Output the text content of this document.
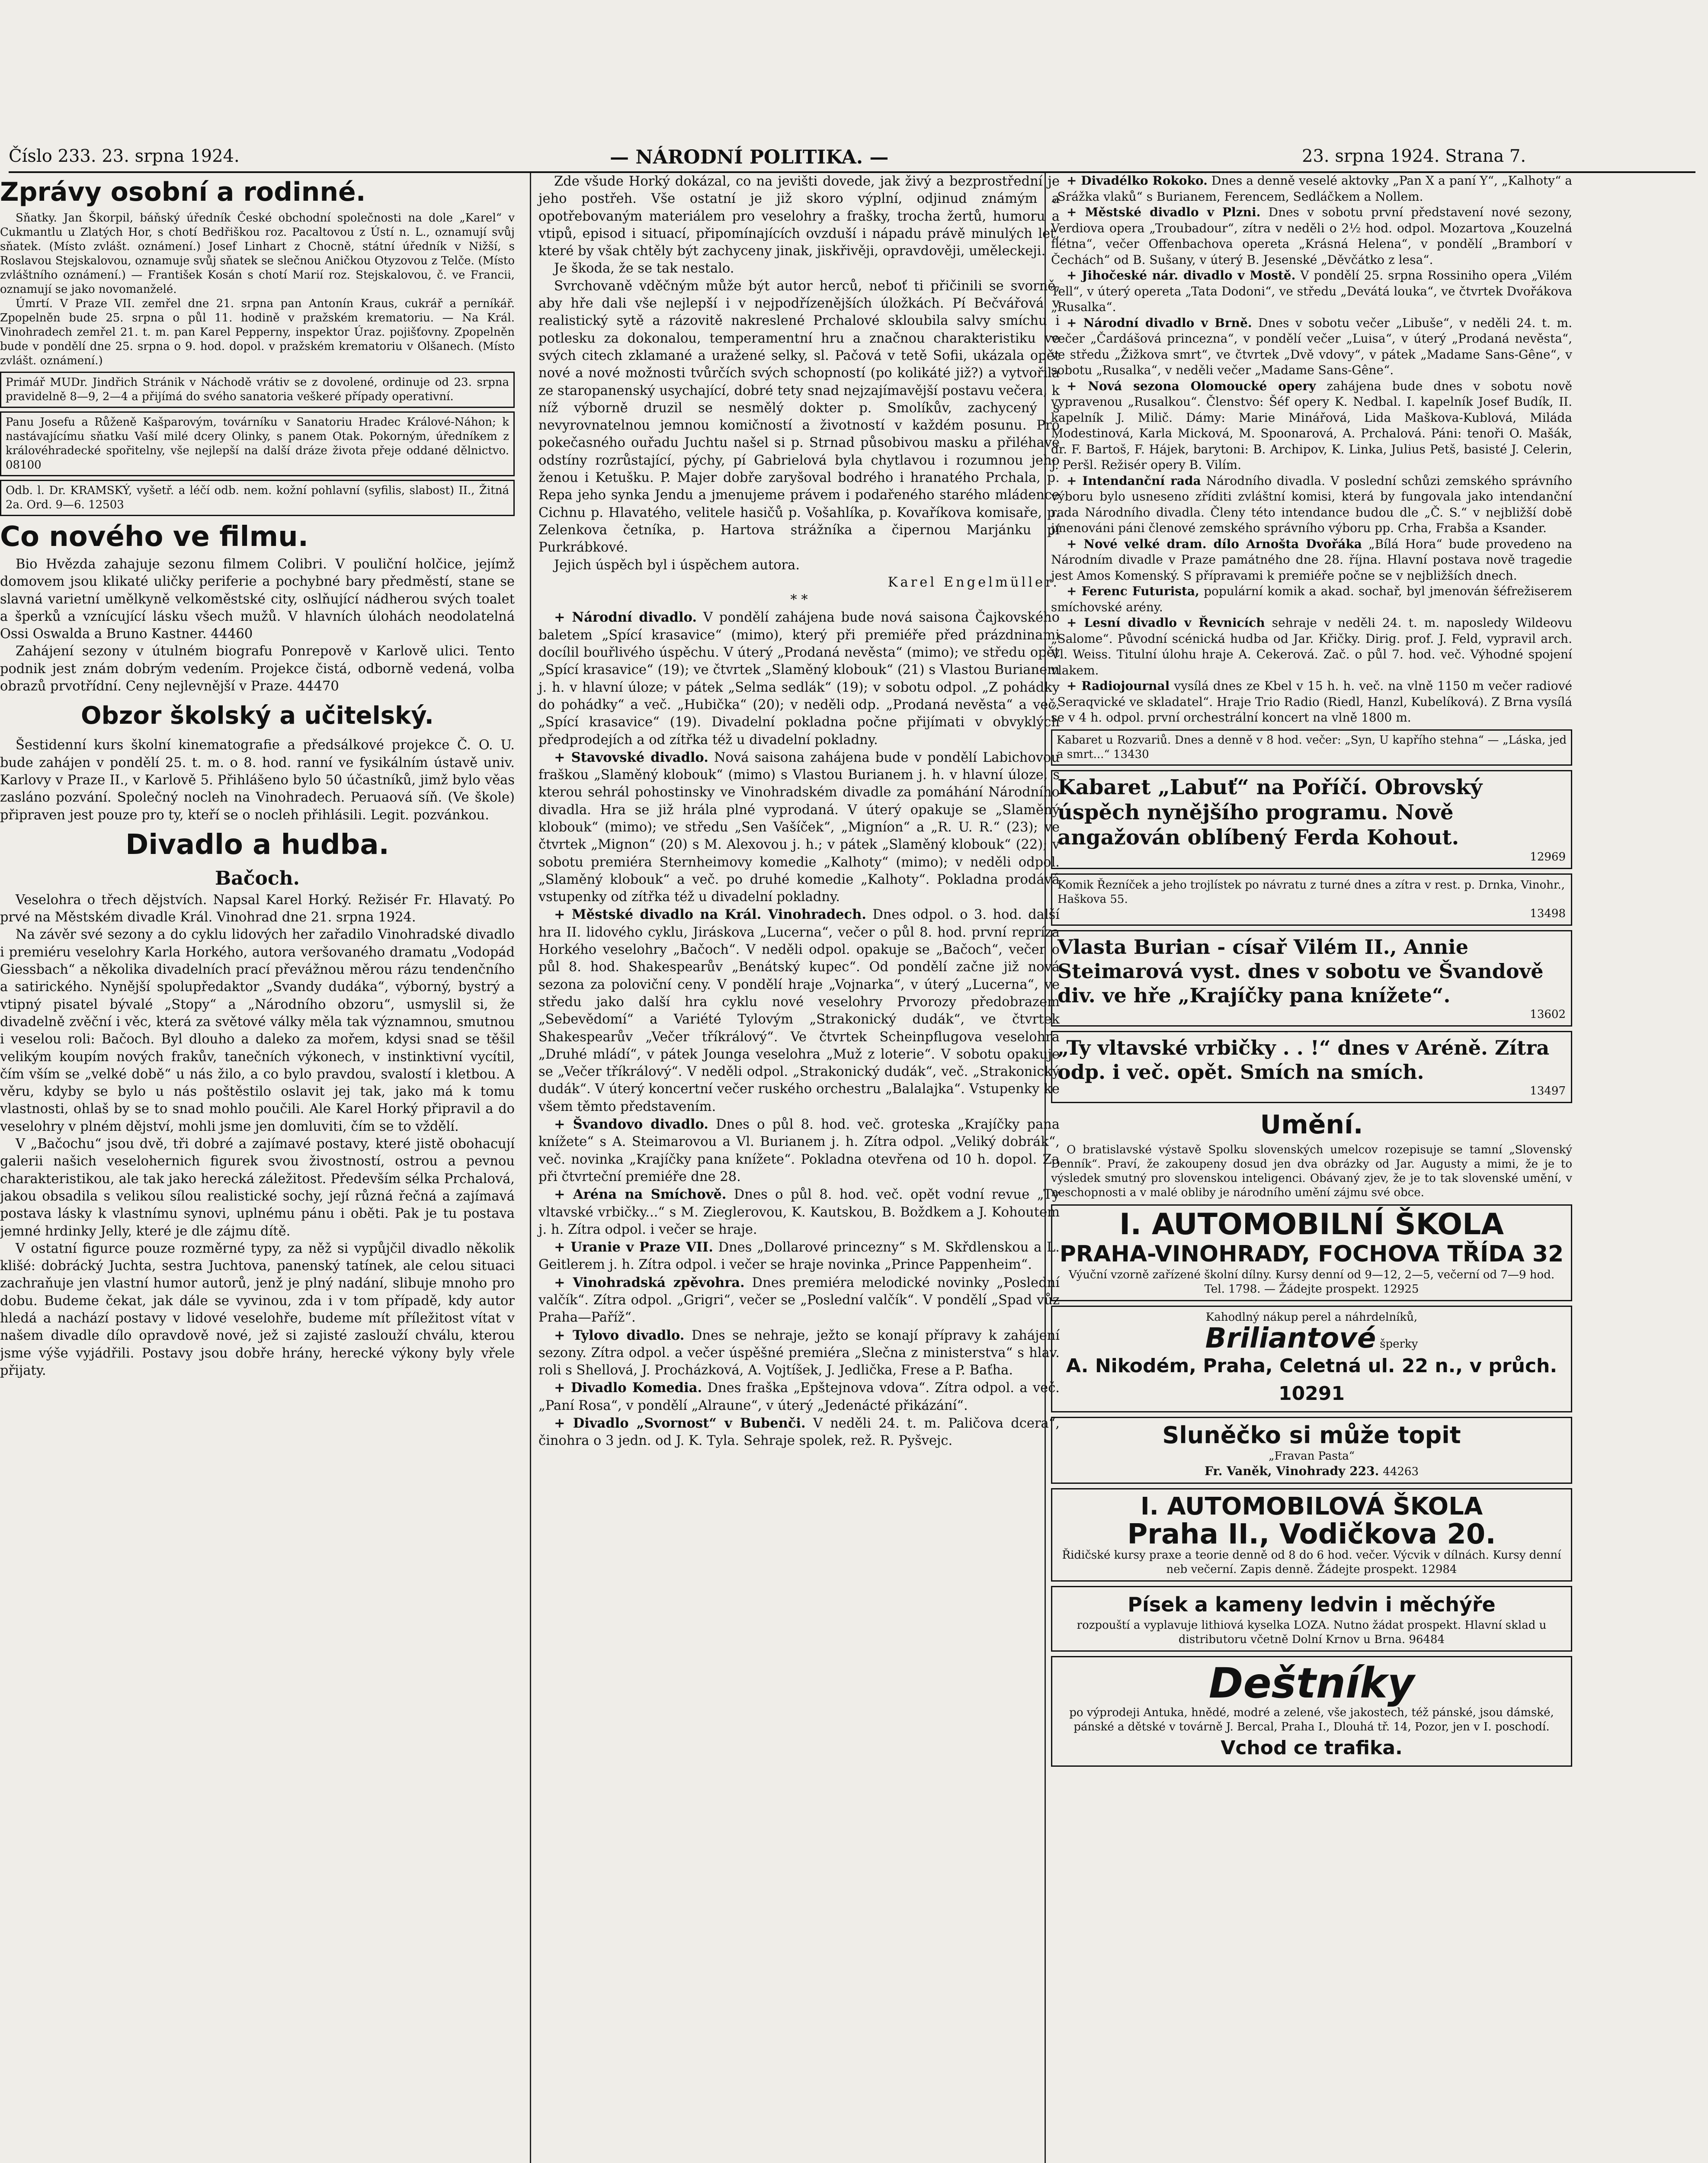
Číslo 233. 23. srpna 1924.	— NÁRODNÍ POLITIKA. —	23. srpna 1924. Strana 7.
Zprávy osobní a rodinné.

Sňatky. Jan Škorpil, báňský úředník České obchodní společnosti na dole „Karel“ v Cukmantlu u Zlatých Hor, s chotí Bedřiškou roz. Pacaltovou z Ústí n. L., oznamují svůj sňatek. (Místo zvlášt. oznámení.) Josef Linhart z Chocně, státní úředník v Nižší, s Roslavou Stejskalovou, oznamuje svůj sňatek se slečnou Aničkou Otyzovou z Telče. (Místo zvláštního oznámení.) — František Kosán s chotí Marií roz. Stejskalovou, č. ve Francii, oznamují se jako novomanželé.

Úmrtí. V Praze VII. zemřel dne 21. srpna pan Antonín Kraus, cukrář a perníkář. Zpopelněn bude 25. srpna o půl 11. hodině v pražském krematoriu. — Na Král. Vinohradech zemřel 21. t. m. pan Karel Pepperny, inspektor Úraz. pojišťovny. Zpopelněn bude v pondělí dne 25. srpna o 9. hod. dopol. v pražském krematoriu v Olšanech. (Místo zvlášt. oznámení.)

Primář MUDr. Jindřich Stránik v Náchodě vrátiv se z dovolené, ordinuje od 23. srpna pravidelně 8—9, 2—4 a přijímá do svého sanatoria veškeré případy operativní.
Panu Josefu a Růženě Kašparovým, továrníku v Sanatoriu Hradec Králové-Náhon; k nastávajícímu sňatku Vaší milé dcery Olinky, s panem Otak. Pokorným, úředníkem z královéhradecké spořitelny, vše nejlepší na další dráze života přeje oddané dělnictvo. 08100
Odb. l. Dr. KRAMSKÝ, vyšetř. a léčí odb. nem. kožní pohlavní (syfilis, slabost) II., Žitná 2a. Ord. 9—6. 12503
Co nového ve filmu.

Bio Hvězda zahajuje sezonu filmem Colibri. V pouliční holčice, jejímž domovem jsou klikaté uličky periferie a pochybné bary předměstí, stane se slavná varietní umělkyně velkoměstské city, oslňující nádherou svých toalet a šperků a vznícující lásku všech mužů. V hlavních úlohách neodolatelná Ossi Oswalda a Bruno Kastner. 44460

Zahájení sezony v útulném biografu Ponrepově v Karlově ulici. Tento podnik jest znám dobrým vedením. Projekce čistá, odborně vedená, volba obrazů prvotřídní. Ceny nejlevnější v Praze. 44470

Obzor školský a učitelský.

Šestidenní kurs školní kinematografie a předsálkové projekce Č. O. U. bude zahájen v pondělí 25. t. m. o 8. hod. ranní ve fysikálním ústavě univ. Karlovy v Praze II., v Karlově 5. Přihlášeno bylo 50 účastníků, jimž bylo věas zasláno pozvání. Společný nocleh na Vinohradech. Peruaová síň. (Ve škole) připraven jest pouze pro ty, kteří se o nocleh přihlásili. Legit. pozvánkou.

Divadlo a hudba.
Bačoch.

Veselohra o třech dějstvích. Napsal Karel Horký. Režisér Fr. Hlavatý. Po prvé na Městském divadle Král. Vinohrad dne 21. srpna 1924.

Na závěr své sezony a do cyklu lidových her zařadilo Vinohradské divadlo i premiéru veselohry Karla Horkého, autora veršovaného dramatu „Vodopád Giessbach“ a několika divadelních prací převážnou měrou rázu tendenčního a satirického. Nynější spolupředaktor „Svandy dudáka“, výborný, bystrý a vtipný pisatel bývalé „Stopy“ a „Národního obzoru“, usmyslil si, že divadelně zvěční i věc, která za světové války měla tak významnou, smutnou i veselou roli: Bačoch. Byl dlouho a daleko za mořem, kdysi snad se těšil velikým koupím nových frakův, tanečních výkonech, v instinktivní vycítil, čím vším se „velké době“ u nás žilo, a co bylo pravdou, svalostí i kletbou. A věru, kdyby se bylo u nás poštěstilo oslavit jej tak, jako má k tomu vlastnosti, ohlaš by se to snad mohlo poučili. Ale Karel Horký připravil a do veselohry v plném dějství, mohli jsme jen domluviti, čím se to vždělí.

V „Bačochu“ jsou dvě, tři dobré a zajímavé postavy, které jistě obohacují galerii našich veselohernich figurek svou živostností, ostrou a pevnou charakteristikou, ale tak jako herecká záležitost. Především sélka Prchalová, jakou obsadila s velikou sílou realistické sochy, její různá řečná a zajímavá postava lásky k vlastnímu synovi, uplnému pánu i oběti. Pak je tu postava jemné hrdinky Jelly, které je dle zájmu dítě.

V ostatní figurce pouze rozměrné typy, za něž si vypůjčil divadlo několik klišé: dobrácký Juchta, sestra Juchtova, panenský tatínek, ale celou situaci zachraňuje jen vlastní humor autorů, jenž je plný nadání, slibuje mnoho pro dobu. Budeme čekat, jak dále se vyvinou, zda i v tom případě, kdy autor hledá a nachází postavy v lidové veselohře, budeme mít příležitost vítat v našem divadle dílo opravdově nové, jež si zajisté zaslouží chválu, kterou jsme výše vyjádřili. Postavy jsou dobře hrány, herecké výkony byly vřele přijaty.

Zde všude Horký dokázal, co na jevišti dovede, jak živý a bezprostřední je jeho postřeh. Vše ostatní je již skoro výplní, odjinud známým a opotřebovaným materiálem pro veselohry a frašky, trocha žertů, humoru a vtipů, episod i situací, připomínajících ovzduší i nápadu právě minulých let, které by však chtěly být zachyceny jinak, jiskřivěji, opravdověji, uměleckeji.

Je škoda, že se tak nestalo.

Svrchovaně vděčným může být autor herců, neboť ti přičinili se svorně, aby hře dali vše nejlepší i v nejpodřízenějších úložkách. Pí Bečvářová v realistický sytě a rázovitě nakreslené Prchalové skloubila salvy smíchu i potlesku za dokonalou, temperamentní hru a značnou charakteristiku ve svých citech zklamané a uražené selky, sl. Pačová v tetě Sofii, ukázala opět nové a nové možnosti tvůrčích svých schopností (po kolikáté již?) a vytvořila ze staropanenský usychající, dobré tety snad nejzajímavější postavu večera, k níž výborně druzil se nesmělý dokter p. Smolíkův, zachycený s nevyrovnatelnou jemnou komičností a životností v každém posunu. Pro pokečasného ouřadu Juchtu našel si p. Strnad působivou masku a přiléhavé odstíny rozrůstající, pýchy, pí Gabrielová byla chytlavou i rozumnou jeho ženou i Ketušku. P. Majer dobře zaryšoval bodrého i hranatého Prchala, p. Repa jeho synka Jendu a jmenujeme právem i podařeného starého mládence Cichnu p. Hlavatého, velitele hasičů p. Vošahlíka, p. Kovaříkova komisaře, p. Zelenkova četníka, p. Hartova strážníka a čipernou Marjánku pí Purkrábkové.

Jejich úspěch byl i úspěchem autora.

Karel Engelmüller.
* *

+ Národní divadlo. V pondělí zahájena bude nová saisona Čajkovského baletem „Spící krasavice“ (mimo), který při premiéře před prázdninami docílil bouřlivého úspěchu. V úterý „Prodaná nevěsta“ (mimo); ve středu opět „Spící krasavice“ (19); ve čtvrtek „Slaměný klobouk“ (21) s Vlastou Burianem j. h. v hlavní úloze; v pátek „Selma sedlák“ (19); v sobotu odpol. „Z pohádky do pohádky“ a več. „Hubička“ (20); v neděli odp. „Prodaná nevěsta“ a več. „Spící krasavice“ (19). Divadelní pokladna počne přijímati v obvyklých předprodejích a od zítřka též u divadelní pokladny.

+ Stavovské divadlo. Nová saisona zahájena bude v pondělí Labichovou fraškou „Slaměný klobouk“ (mimo) s Vlastou Burianem j. h. v hlavní úloze, s kterou sehrál pohostinsky ve Vinohradském divadle za pomáhání Národního divadla. Hra se již hrála plné vyprodaná. V úterý opakuje se „Slaměný klobouk“ (mimo); ve středu „Sen Vašíček“, „Migníon“ a „R. U. R.“ (23); ve čtvrtek „Mignon“ (20) s M. Alexovou j. h.; v pátek „Slaměný klobouk“ (22); v sobotu premiéra Sternheimovy komedie „Kalhoty“ (mimo); v neděli odpol. „Slaměný klobouk“ a več. po druhé komedie „Kalhoty“. Pokladna prodává vstupenky od zítřka též u divadelní pokladny.

+ Městské divadlo na Král. Vinohradech. Dnes odpol. o 3. hod. další hra II. lidového cyklu, Jiráskova „Lucerna“, večer o půl 8. hod. první repríza Horkého veselohry „Bačoch“. V neděli odpol. opakuje se „Bačoch“, večer o půl 8. hod. Shakespearův „Benátský kupec“. Od pondělí začne již nová sezona za poloviční ceny. V pondělí hraje „Vojnarka“, v úterý „Lucerna“, ve středu jako další hra cyklu nové veselohry Prvorozy předobrazem „Sebevědomí“ a Variété Tylovým „Strakonický dudák“, ve čtvrtek Shakespearův „Večer tříkrálový“. Ve čtvrtek Scheinpflugova veselohra „Druhé mládí“, v pátek Jounga veselohra „Muž z loterie“. V sobotu opakuje se „Večer tříkrálový“. V neděli odpol. „Strakonický dudák“, več. „Strakonický dudák“. V úterý koncertní večer ruského orchestru „Balalajka“. Vstupenky ke všem těmto představením.

+ Švandovo divadlo. Dnes o půl 8. hod. več. groteska „Krajíčky pana knížete“ s A. Steimarovou a Vl. Burianem j. h. Zítra odpol. „Veliký dobrák“, več. novinka „Krajíčky pana knížete“. Pokladna otevřena od 10 h. dopol. Za při čtvrteční premiéře dne 28.

+ Aréna na Smíchově. Dnes o půl 8. hod. več. opět vodní revue „Ty vltavské vrbičky...“ s M. Zieglerovou, K. Kautskou, B. Boždkem a J. Kohoutem j. h. Zítra odpol. i večer se hraje.

+ Uranie v Praze VII. Dnes „Dollarové princezny“ s M. Skřdlenskou a L. Geitlerem j. h. Zítra odpol. i večer se hraje novinka „Prince Pappenheim“.

+ Vinohradská zpěvohra. Dnes premiéra melodické novinky „Poslední valčík“. Zítra odpol. „Grigri“, večer se „Poslední valčík“. V pondělí „Spad vůz Praha—Paříž“.

+ Tylovo divadlo. Dnes se nehraje, ježto se konají přípravy k zahájení sezony. Zítra odpol. a večer úspěšné premiéra „Slečna z ministerstva“ s hlav. roli s Shellová, J. Procházková, A. Vojtíšek, J. Jedlička, Frese a P. Baťha.

+ Divadlo Komedia. Dnes fraška „Epštejnova vdova“. Zítra odpol. a več. „Paní Rosa“, v pondělí „Alraune“, v úterý „Jedenácté přikázání“.

+ Divadlo „Svornost“ v Bubenči. V neděli 24. t. m. Paličova dcera“, činohra o 3 jedn. od J. K. Tyla. Sehraje spolek, rež. R. Pyšvejc.

+ Divadélko Rokoko. Dnes a denně veselé aktovky „Pan X a paní Y“, „Kalhoty“ a „Srážka vlaků“ s Burianem, Ferencem, Sedláčkem a Nollem.

+ Městské divadlo v Plzni. Dnes v sobotu první představení nové sezony, Verdiova opera „Troubadour“, zítra v neděli o 2½ hod. odpol. Mozartova „Kouzelná flétna“, večer Offenbachova opereta „Krásná Helena“, v pondělí „Bramborí v Čechách“ od B. Sušany, v úterý B. Jesenské „Děvčátko z lesa“.

+ Jihočeské nár. divadlo v Mostě. V pondělí 25. srpna Rossiniho opera „Vilém Tell“, v úterý opereta „Tata Dodoni“, ve středu „Devátá louka“, ve čtvrtek Dvořákova „Rusalka“.

+ Národní divadlo v Brně. Dnes v sobotu večer „Libuše“, v neděli 24. t. m. večer „Čardášová princezna“, v pondělí večer „Luisa“, v úterý „Prodaná nevěsta“, ve středu „Žižkova smrt“, ve čtvrtek „Dvě vdovy“, v pátek „Madame Sans-Gêne“, v sobotu „Rusalka“, v neděli večer „Madame Sans-Gêne“.

+ Nová sezona Olomoucké opery zahájena bude dnes v sobotu nově vypravenou „Rusalkou“. Členstvo: Šéf opery K. Nedbal. I. kapelník Josef Budík, II. kapelník J. Milič. Dámy: Marie Minářová, Lida Maškova-Kublová, Miláda Modestinová, Karla Micková, M. Spoonarová, A. Prchalová. Páni: tenoři O. Mašák, dr. F. Bartoš, F. Hájek, barytoni: B. Archipov, K. Linka, Julius Petš, basisté J. Celerin, J. Peršl. Režisér opery B. Vilím.

+ Intendanční rada Národního divadla. V poslední schůzi zemského správního výboru bylo usneseno zříditi zvláštní komisi, která by fungovala jako intendanční rada Národního divadla. Členy této intendance budou dle „Č. S.“ v nejbližší době jmenováni páni členové zemského správního výboru pp. Crha, Frabša a Ksander.

+ Nové velké dram. dílo Arnošta Dvořáka „Bílá Hora“ bude provedeno na Národním divadle v Praze památného dne 28. října. Hlavní postava nově tragedie jest Amos Komenský. S přípravami k premiéře počne se v nejbližších dnech.

+ Ferenc Futurista, populární komik a akad. sochař, byl jmenován šéfrežiserem smíchovské arény.

+ Lesní divadlo v Řevnicích sehraje v neděli 24. t. m. naposledy Wildeovu „Salome“. Původní scénická hudba od Jar. Křičky. Dirig. prof. J. Feld, vypravil arch. Vl. Weiss. Titulní úlohu hraje A. Cekerová. Zač. o půl 7. hod. več. Výhodné spojení vlakem.

+ Radiojournal vysílá dnes ze Kbel v 15 h. h. več. na vlně 1150 m večer radiové „Seraqvické ve skladatel“. Hraje Trio Radio (Riedl, Hanzl, Kubelíková). Z Brna vysílá se v 4 h. odpol. první orchestrální koncert na vlně 1800 m.

Kabaret u Rozvariů. Dnes a denně v 8 hod. večer: „Syn, U kapřího stehna“ — „Láska, jed a smrt...“ 13430
Kabaret „Labuť“ na Poříčí. Obrovský úspěch nynějšího programu. Nově angažován oblíbený Ferda Kohout.
12969
Komik Řezníček a jeho trojlístek po návratu z turné dnes a zítra v rest. p. Drnka, Vinohr., Haškova 55.
13498
Vlasta Burian - císař Vilém II., Annie Steimarová vyst. dnes v sobotu ve Švandově div. ve hře „Krajíčky pana knížete“.
13602
„Ty vltavské vrbičky . . !“ dnes v Aréně. Zítra odp. i več. opět. Smích na smích.
13497
Umění.

O bratislavské výstavě Spolku slovenských umelcov rozepisuje se tamní „Slovenský Denník“. Praví, že zakoupeny dosud jen dva obrázky od Jar. Augusty a mimi, že je to výsledek smutný pro slovenskou inteligenci. Obávaný zjev, že je to tak slovenské umění, v neschopnosti a v malé obliby je národního umění zájmu své obce.

I. AUTOMOBILNÍ ŠKOLA
PRAHA-VINOHRADY, FOCHOVA TŘÍDA 32
Výuční vzorně zařízené školní dílny. Kursy denní od 9—12, 2—5, večerní od 7—9 hod. Tel. 1798. — Žádejte prospekt. 12925
Kahodlný nákup perel a náhrdelníků,
Briliantové šperky
A. Nikodém, Praha, Celetná ul. 22 n., v průch. 10291
Sluněčko si může topit
„Fravan Pasta“
Fr. Vaněk, Vinohrady 223. 44263
I. AUTOMOBILOVÁ ŠKOLA
Praha II., Vodičkova 20.
Řidičské kursy praxe a teorie denně od 8 do 6 hod. večer. Výcvik v dílnách. Kursy denní neb večerní. Zapis denně. Žádejte prospekt. 12984
Písek a kameny ledvin i měchýře
rozpouští a vyplavuje lithiová kyselka LOZA. Nutno žádat prospekt. Hlavní sklad u distributoru včetně Dolní Krnov u Brna. 96484
Deštníky
po výprodeji Antuka, hnědé, modré a zelené, vše jakostech, též pánské, jsou dámské, pánské a dětské v továrně J. Bercal, Praha I., Dlouhá tř. 14, Pozor, jen v I. poschodí.
Vchod ce trafika.
